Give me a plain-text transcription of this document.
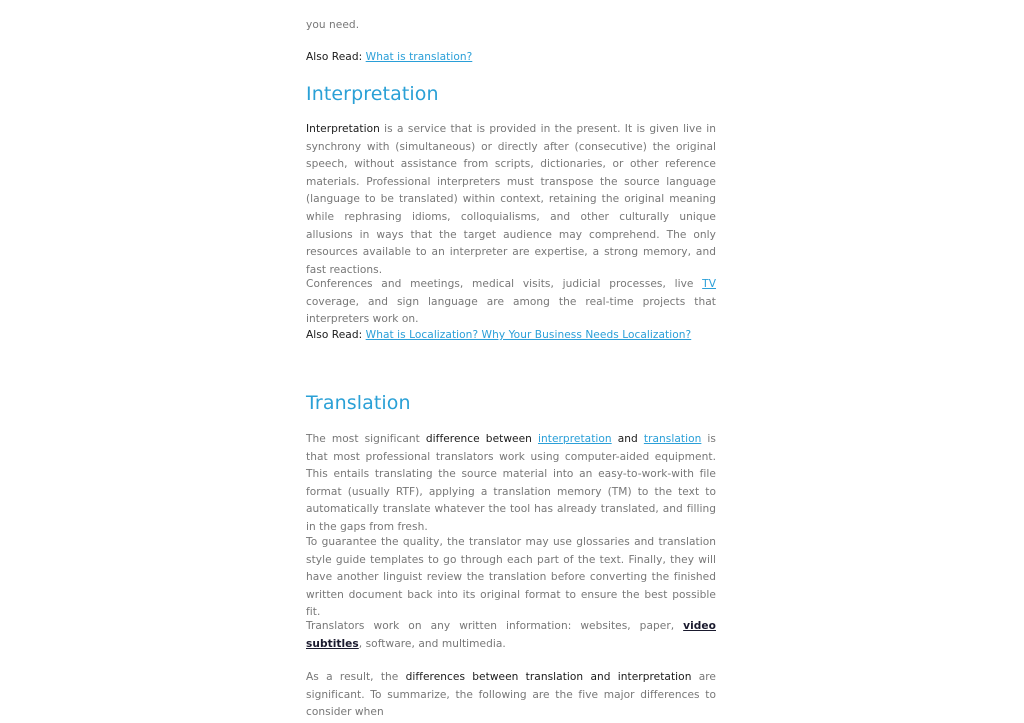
you need.

Also Read: What is translation?

Interpretation

Interpretation is a service that is provided in the present. It is given live in synchrony with (simultaneous) or directly after (consecutive) the original speech, without assistance from scripts, dictionaries, or other reference materials. Professional interpreters must transpose the source language (language to be translated) within context, retaining the original meaning while rephrasing idioms, colloquialisms, and other culturally unique allusions in ways that the target audience may comprehend. The only resources available to an interpreter are expertise, a strong memory, and fast reactions.

Conferences and meetings, medical visits, judicial processes, live TV coverage, and sign language are among the real-time projects that interpreters work on.

Also Read: What is Localization? Why Your Business Needs Localization?

Translation

The most significant difference between interpretation and translation is that most professional translators work using computer-aided equipment. This entails translating the source material into an easy-to-work-with file format (usually RTF), applying a translation memory (TM) to the text to automatically translate whatever the tool has already translated, and filling in the gaps from fresh.

To guarantee the quality, the translator may use glossaries and translation style guide templates to go through each part of the text. Finally, they will have another linguist review the translation before converting the finished written document back into its original format to ensure the best possible fit.

Translators work on any written information: websites, paper, video subtitles, software, and multimedia.

As a result, the differences between translation and interpretation are significant. To summarize, the following are the five major differences to consider when
